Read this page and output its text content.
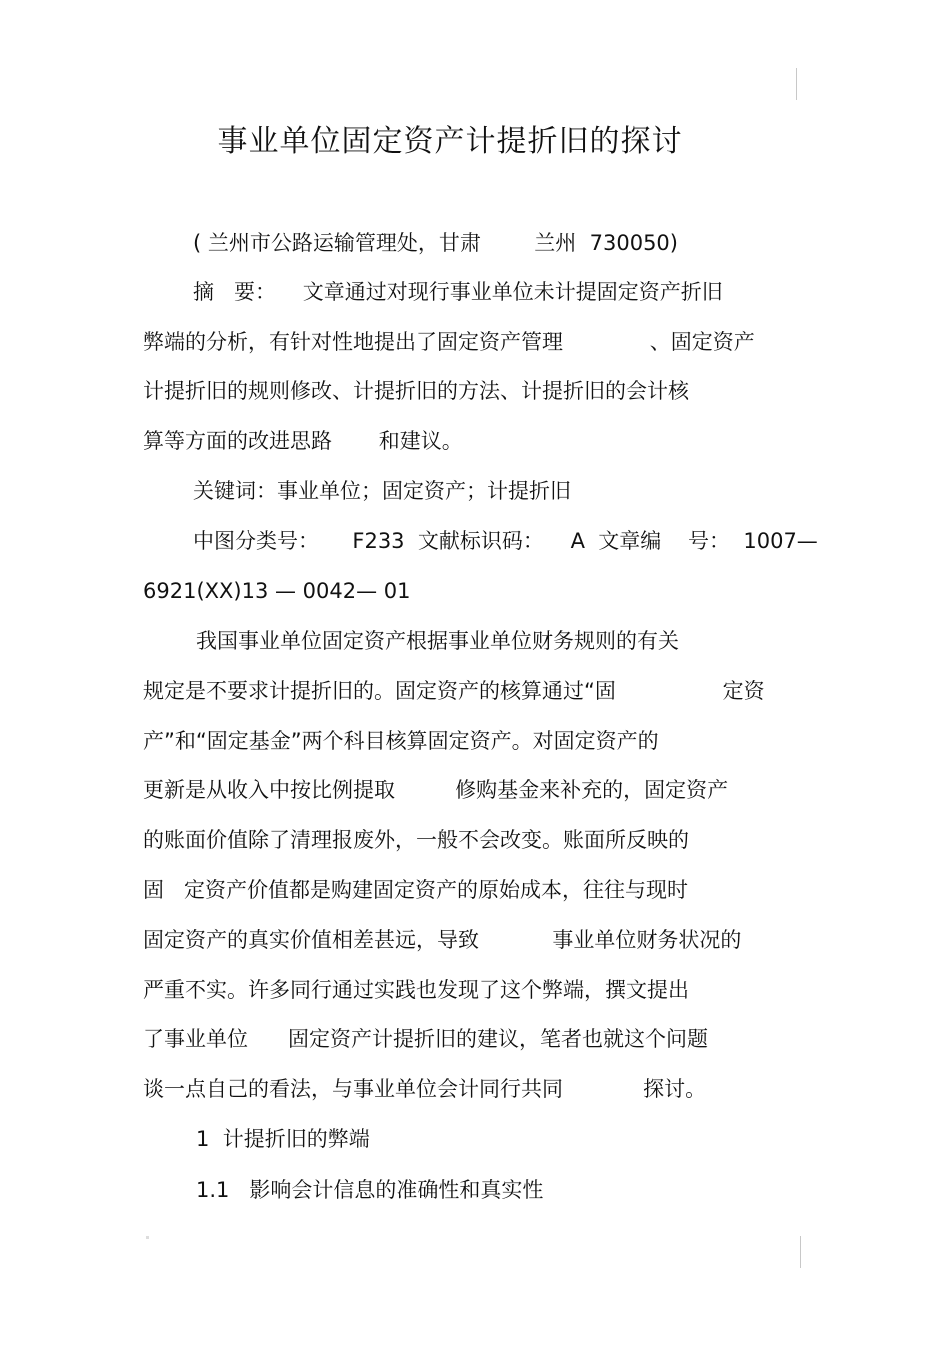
事业单位固定资产计提折旧的探讨
( 兰州市公路运输管理处，甘肃        兰州  730050)
摘   要：    文章通过对现行事业单位未计提固定资产折旧
弊端的分析，有针对性地提出了固定资产管理             、固定资产
计提折旧的规则修改、计提折旧的方法、计提折旧的会计核
算等方面的改进思路       和建议。
关键词：事业单位；固定资产；计提折旧
中图分类号：     F233  文献标识码：    A  文章编    号：  1007—
6921(XX)13 — 0042— 01
我国事业单位固定资产根据事业单位财务规则的有关
规定是不要求计提折旧的。固定资产的核算通过“固                定资
产”和“固定基金”两个科目核算固定资产。对固定资产的
更新是从收入中按比例提取         修购基金来补充的，固定资产
的账面价值除了清理报废外，一般不会改变。账面所反映的
固   定资产价值都是购建固定资产的原始成本，往往与现时
固定资产的真实价值相差甚远，导致           事业单位财务状况的
严重不实。许多同行通过实践也发现了这个弊端，撰文提出
了事业单位      固定资产计提折旧的建议，笔者也就这个问题
谈一点自己的看法，与事业单位会计同行共同            探讨。
1  计提折旧的弊端
1.1   影响会计信息的准确性和真实性
